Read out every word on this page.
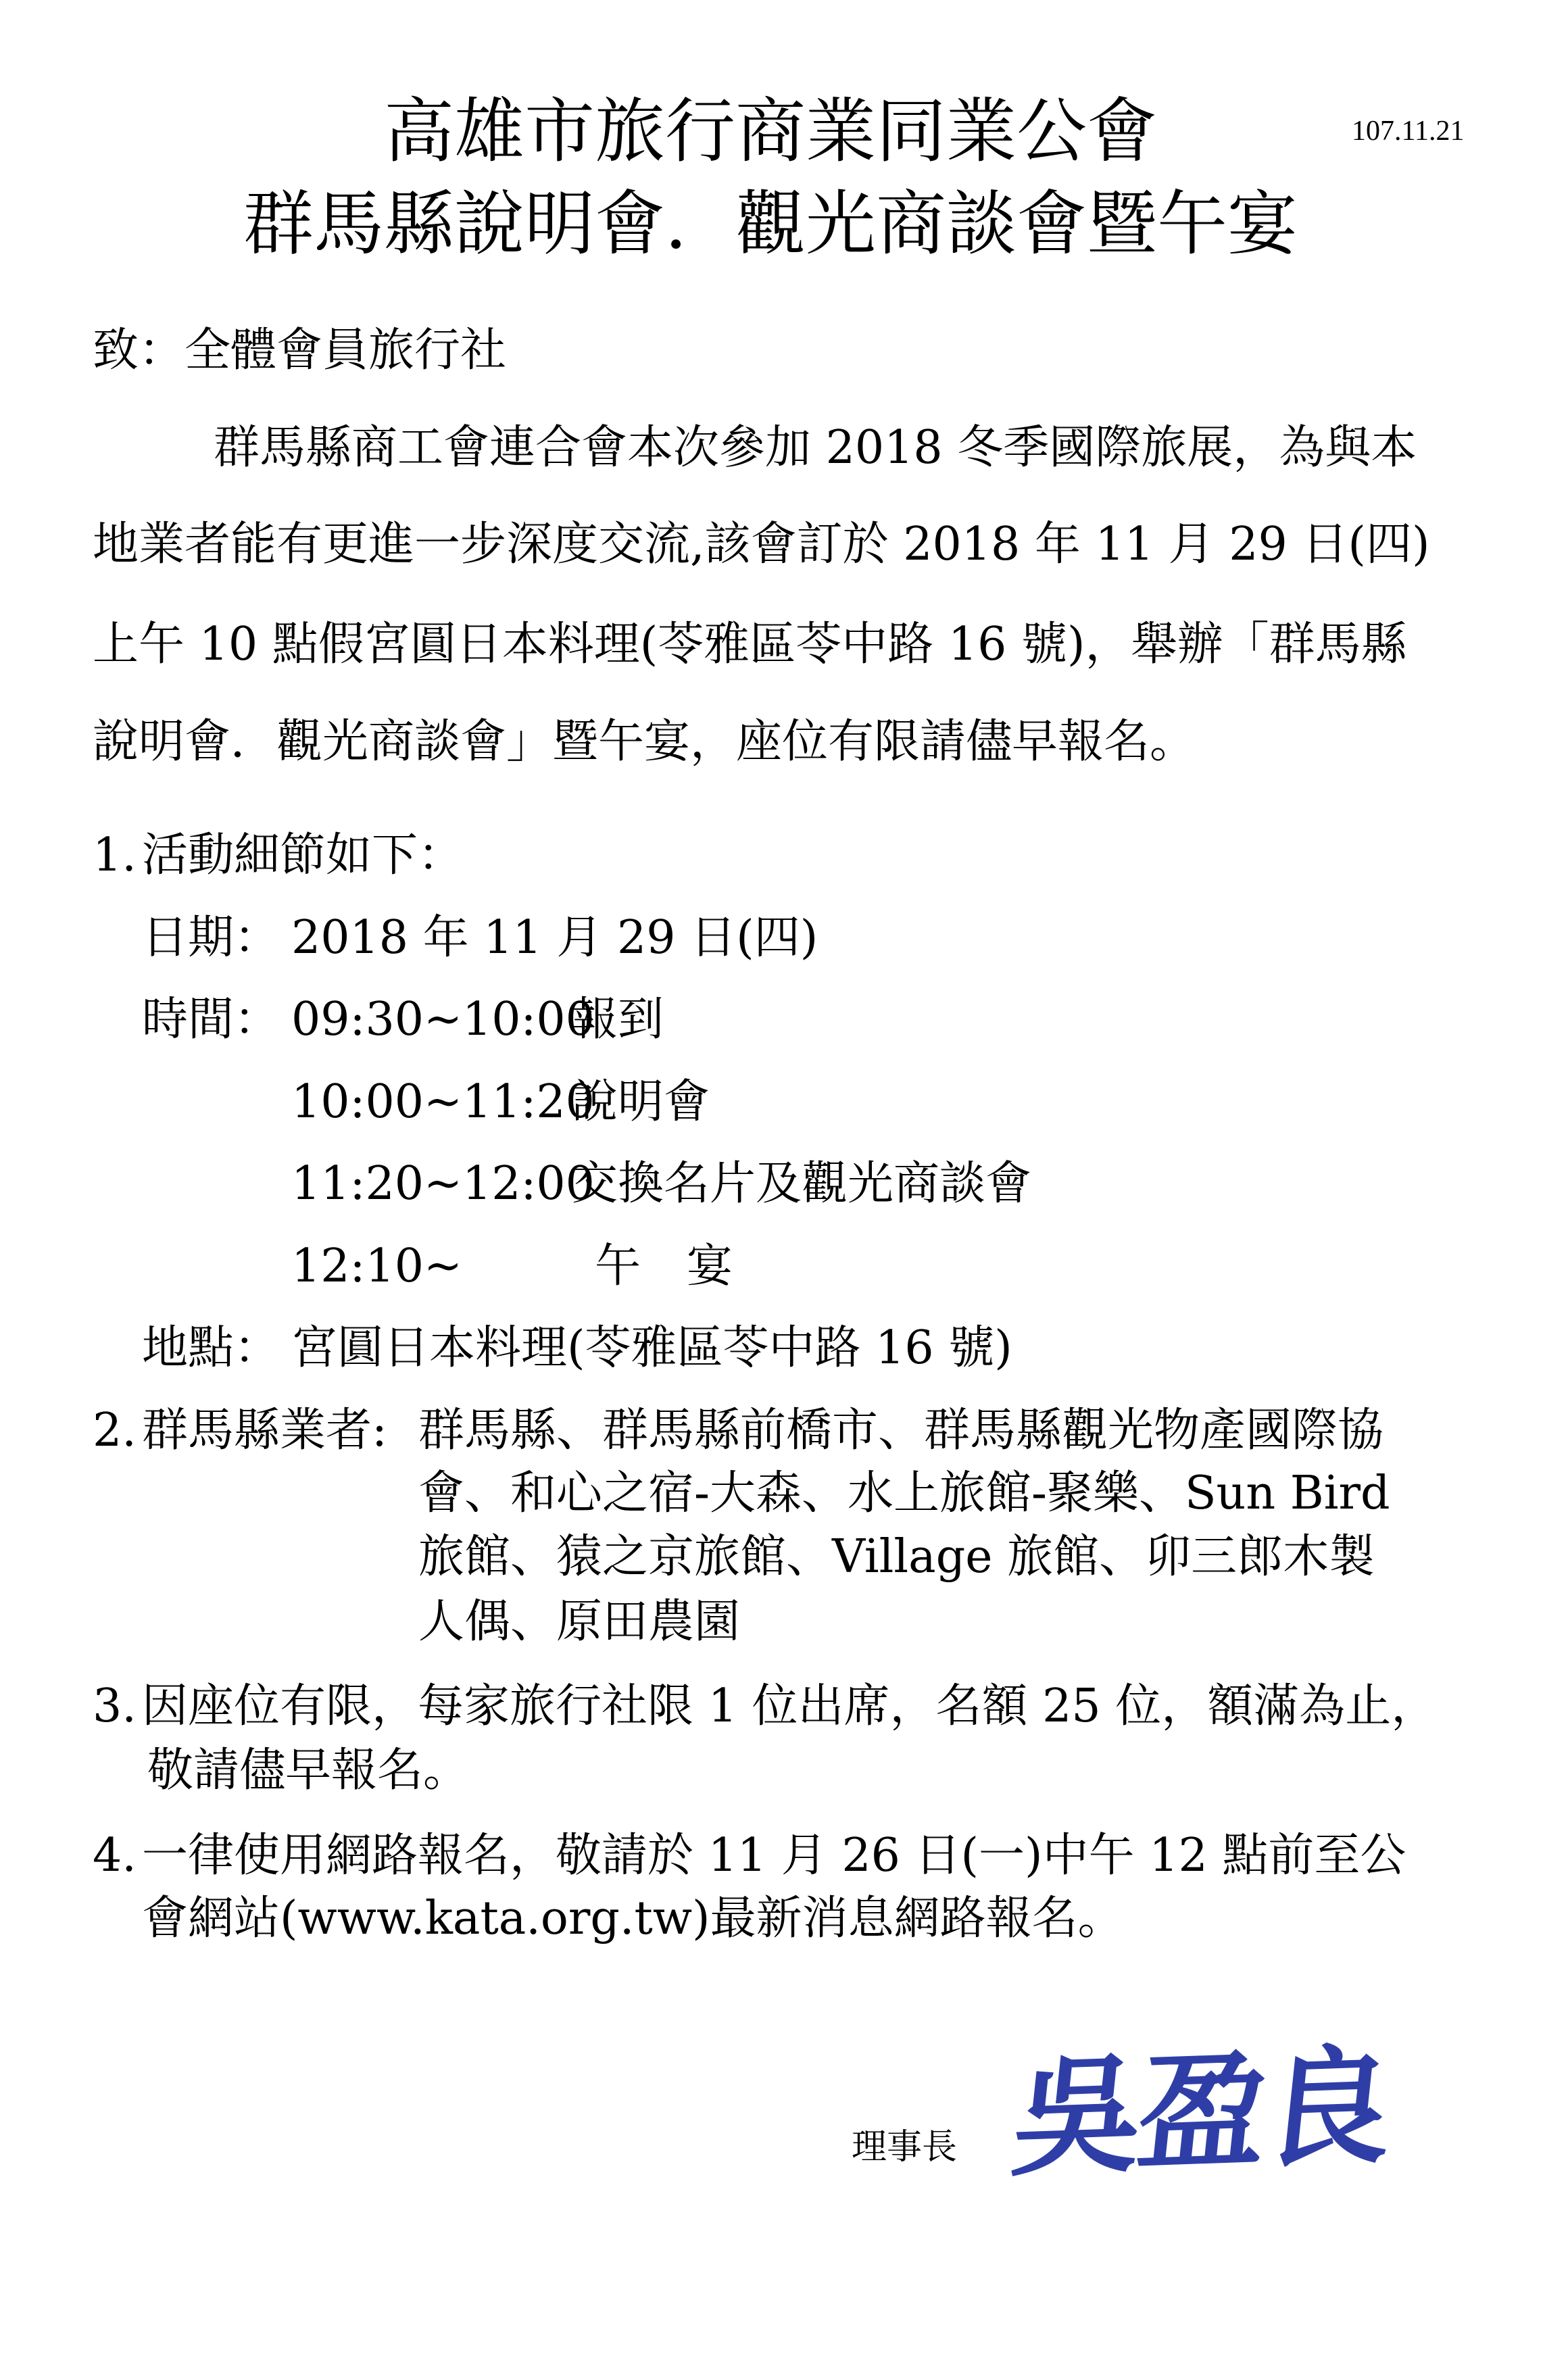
高雄市旅行商業同業公會	107.11.21
群馬縣說明會．觀光商談會暨午宴
致：全體會員旅行社
群馬縣商工會連合會本次參加 2018 冬季國際旅展，為與本
地業者能有更進一步深度交流,該會訂於 2018 年 11 月 29 日(四)
上午 10 點假宮圓日本料理(苓雅區苓中路 16 號)，舉辦「群馬縣
說明會．觀光商談會」暨午宴，座位有限請儘早報名。
1. 活動細節如下：
日期： 2018 年 11 月 29 日(四)
時間： 09:30~10:00
報到
10:00~11:20
說明會
11:20~12:00
交換名片及觀光商談會
12:10~	午　宴
地點： 宮圓日本料理(苓雅區苓中路 16 號)
2. 群馬縣業者: 群馬縣、群馬縣前橋市、群馬縣觀光物產國際協
會、和心之宿-大森、水上旅館-聚樂、Sun Bird
旅館、猿之京旅館、Village 旅館、卯三郎木製
人偶、原田農園
3. 因座位有限，每家旅行社限 1 位出席，名額 25 位，額滿為止，
敬請儘早報名。
4. 一律使用網路報名，敬請於 11 月 26 日(一)中午 12 點前至公
會網站(www.kata.org.tw)最新消息網路報名。
理事長 吳盈良
